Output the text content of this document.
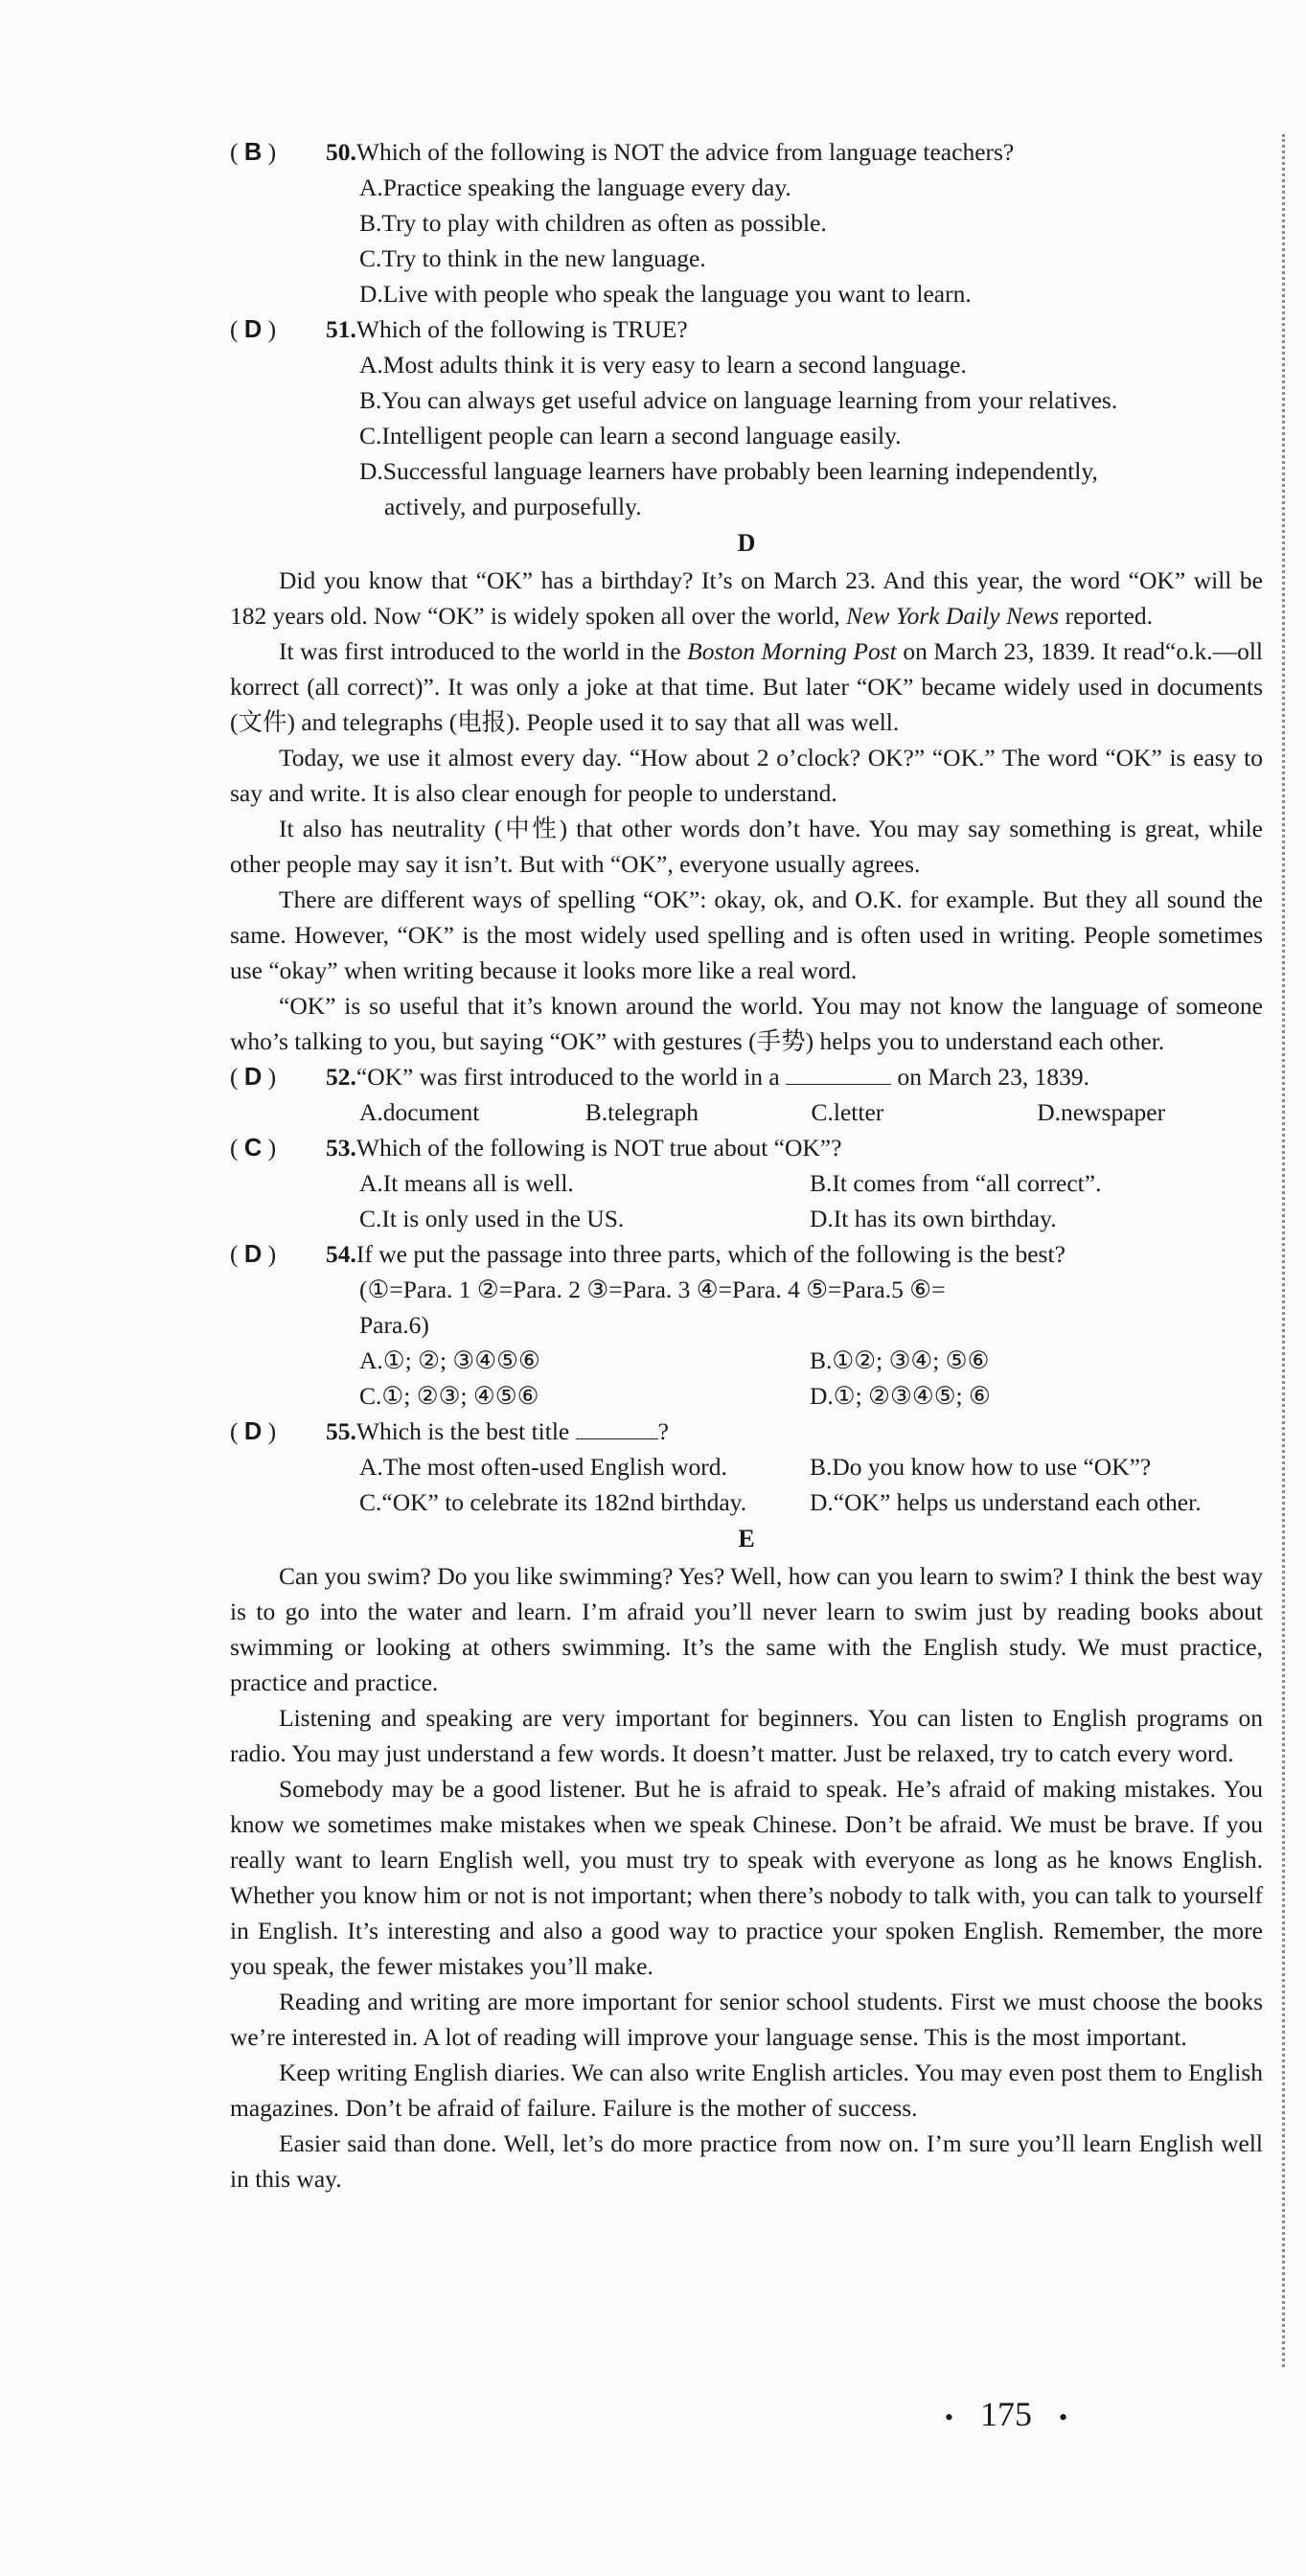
( B ) 50.Which of the following is NOT the advice from language teachers?
A.Practice speaking the language every day.
B.Try to play with children as often as possible.
C.Try to think in the new language.
D.Live with people who speak the language you want to learn.
( D ) 51.Which of the following is TRUE?
A.Most adults think it is very easy to learn a second language.
B.You can always get useful advice on language learning from your relatives.
C.Intelligent people can learn a second language easily.
D.Successful language learners have probably been learning independently,
actively, and purposefully.
D
Did you know that “OK” has a birthday? It’s on March 23. And this year, the word “OK” will be 182 years old. Now “OK” is widely spoken all over the world, New York Daily News reported.
It was first introduced to the world in the Boston Morning Post on March 23, 1839. It read“o.k.—oll korrect (all correct)”. It was only a joke at that time. But later “OK” became widely used in documents (文件) and telegraphs (电报). People used it to say that all was well.
Today, we use it almost every day. “How about 2 o’clock? OK?” “OK.” The word “OK” is easy to say and write. It is also clear enough for people to understand.
It also has neutrality (中性) that other words don’t have. You may say something is great, while other people may say it isn’t. But with “OK”, everyone usually agrees.
There are different ways of spelling “OK”: okay, ok, and O.K. for example. But they all sound the same. However, “OK” is the most widely used spelling and is often used in writing. People sometimes use “okay” when writing because it looks more like a real word.
“OK” is so useful that it’s known around the world. You may not know the language of someone who’s talking to you, but saying “OK” with gestures (手势) helps you to understand each other.
( D ) 52.“OK” was first introduced to the world in a	on March 23, 1839.
A.document	B.telegraph	C.letter	D.newspaper
( C ) 53.Which of the following is NOT true about “OK”?
A.It means all is well.	B.It comes from “all correct”.
C.It is only used in the US.	D.It has its own birthday.
( D ) 54.If we put the passage into three parts, which of the following is the best?
(①=Para. 1 ②=Para. 2 ③=Para. 3 ④=Para. 4 ⑤=Para.5 ⑥=
Para.6)
A.①; ②; ③④⑤⑥	B.①②; ③④; ⑤⑥
C.①; ②③; ④⑤⑥	D.①; ②③④⑤; ⑥
( D ) 55.Which is the best title	?
A.The most often-used English word.	B.Do you know how to use “OK”?
C.“OK” to celebrate its 182nd birthday.	D.“OK” helps us understand each other.
E
Can you swim? Do you like swimming? Yes? Well, how can you learn to swim? I think the best way is to go into the water and learn. I’m afraid you’ll never learn to swim just by reading books about swimming or looking at others swimming. It’s the same with the English study. We must practice, practice and practice.
Listening and speaking are very important for beginners. You can listen to English programs on radio. You may just understand a few words. It doesn’t matter. Just be relaxed, try to catch every word.
Somebody may be a good listener. But he is afraid to speak. He’s afraid of making mistakes. You know we sometimes make mistakes when we speak Chinese. Don’t be afraid. We must be brave. If you really want to learn English well, you must try to speak with everyone as long as he knows English. Whether you know him or not is not important; when there’s nobody to talk with, you can talk to yourself in English. It’s interesting and also a good way to practice your spoken English. Remember, the more you speak, the fewer mistakes you’ll make.
Reading and writing are more important for senior school students. First we must choose the books we’re interested in. A lot of reading will improve your language sense. This is the most important.
Keep writing English diaries. We can also write English articles. You may even post them to English magazines. Don’t be afraid of failure. Failure is the mother of success.
Easier said than done. Well, let’s do more practice from now on. I’m sure you’ll learn English well in this way.
• 175 •
